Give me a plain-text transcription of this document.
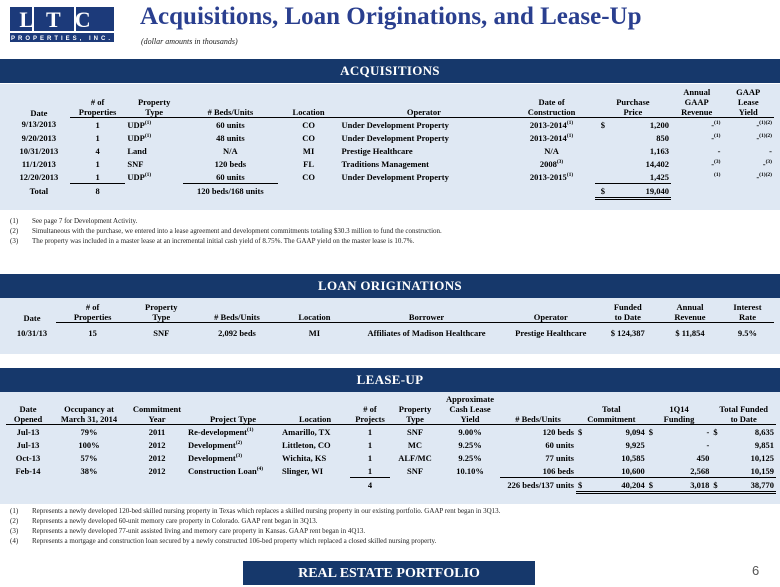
LTC
PROPERTIES, INC.
Acquisitions, Loan Originations, and Lease-Up
(dollar amounts in thousands)
ACQUISITIONS
Date								Annual	GAAP
	# of	Property				Date of	Purchase	GAAP	Lease
	Properties	Type	# Beds/Units	Location	Operator	Construction	Price	Revenue	Yield
9/13/2013	1	UDP$^{(1)}$	60 units	CO	Under Development Property	2013-2014$^{(1)}$	$ 1,200	-$^{(1)}$	-$^{(1)(2)}$
9/20/2013	1	UDP$^{(1)}$	48 units	CO	Under Development Property	2013-2014$^{(1)}$	850	-$^{(1)}$	-$^{(1)(2)}$
10/31/2013	4	Land	N/A	MI	Prestige Healthcare	N/A	1,163	-	-
11/1/2013	1	SNF	120 beds	FL	Traditions Management	2008$^{(3)}$	14,402	-$^{(3)}$	-$^{(3)}$
12/20/2013	1	UDP$^{(1)}$	60 units	CO	Under Development Property	2013-2015$^{(1)}$	1,425	$^{(1)}$	-$^{(1)(2)}$
Total	8		120 beds/168 units				$ 19,040		
(1) See page 7 for Development Activity.
(2) Simultaneous with the purchase, we entered into a lease agreement and development commitments totaling $30.3 million to fund the construction.
(3) The property was included in a master lease at an incremental initial cash yield of 8.75%. The GAAP yield on the master lease is 10.7%.
LOAN ORIGINATIONS
Date	# of	Property					Funded	Annual	Interest
	Properties	Type	# Beds/Units	Location	Borrower	Operator	to Date	Revenue	Rate
10/31/13	15	SNF	2,092 beds	MI	Affiliates of Madison Healthcare	Prestige Healthcare	$ 124,387	$ 11,854	9.5%
LEASE-UP
							Approximate							
Date	Occupancy at	Commitment			# of	Property	Cash Lease		Total		1Q14		Total Funded	
Opened	March 31, 2014	Year	Project Type	Location	Projects	Type	Yield	# Beds/Units	Commitment		Funding		to Date	
Jul-13	79%	2011	Re-development$^{(1)}$	Amarillo, TX	1	SNF	9.00%	120 beds	$	9,094	$	-	$	8,635
Jul-13	100%	2012	Development$^{(2)}$	Littleton, CO	1	MC	9.25%	60 units		9,925		-		9,851
Oct-13	57%	2012	Development$^{(3)}$	Wichita, KS	1	ALF/MC	9.25%	77 units		10,585		450		10,125
Feb-14	38%	2012	Construction Loan$^{(4)}$	Slinger, WI	1	SNF	10.10%	106 beds		10,600		2,568		10,159
					4			226 beds/137 units	$	40,204	$	3,018	$	38,770
(1) Represents a newly developed 120-bed skilled nursing property in Texas which replaces a skilled nursing property in our existing portfolio. GAAP rent began in 3Q13.
(2) Represents a newly developed 60-unit memory care property in Colorado. GAAP rent began in 3Q13.
(3) Represents a newly developed 77-unit assisted living and memory care property in Kansas. GAAP rent began in 4Q13.
(4) Represents a mortgage and construction loan secured by a newly constructed 106-bed property which replaced a closed skilled nursing property.
REAL ESTATE PORTFOLIO	6
